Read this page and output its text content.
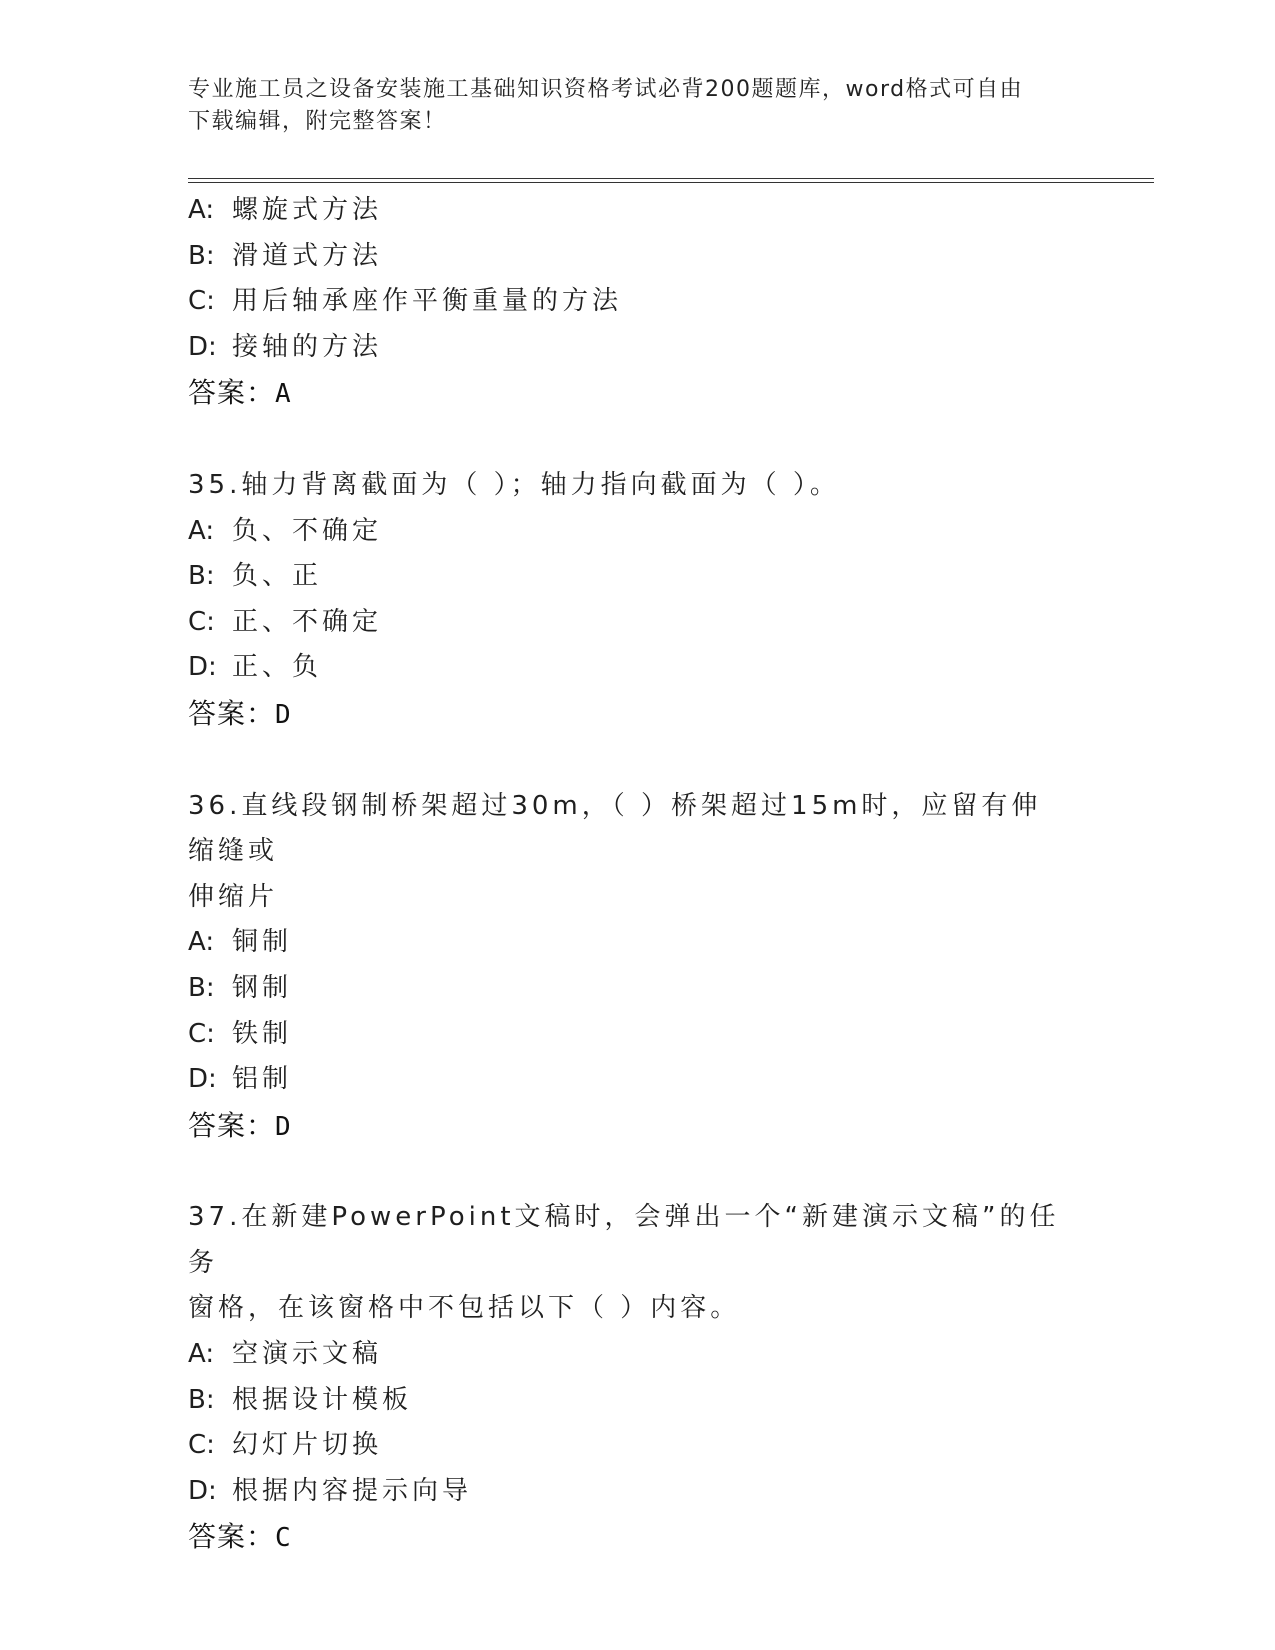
专业施工员之设备安装施工基础知识资格考试必背200题题库，word格式可自由
下载编辑，附完整答案！
A: 螺旋式方法
B: 滑道式方法
C: 用后轴承座作平衡重量的方法
D: 接轴的方法
答案：A
35.轴力背离截面为（ ）；轴力指向截面为（ ）。
A: 负、不确定
B: 负、正
C: 正、不确定
D: 正、负
答案：D
36.直线段钢制桥架超过30m，（ ）桥架超过15m时，应留有伸缩缝或
伸缩片
A: 铜制
B: 钢制
C: 铁制
D: 铝制
答案：D
37.在新建PowerPoint文稿时，会弹出一个“新建演示文稿”的任务
窗格，在该窗格中不包括以下（ ）内容。
A: 空演示文稿
B: 根据设计模板
C: 幻灯片切换
D: 根据内容提示向导
答案：C
